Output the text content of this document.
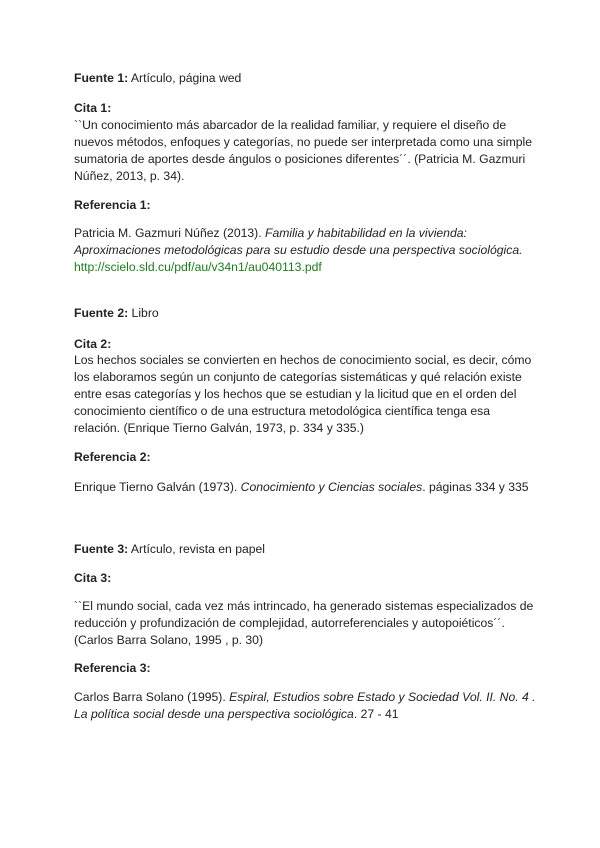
Fuente 1: Artículo, página wed
Cita 1:
``Un conocimiento más abarcador de la realidad familiar, y requiere el diseño de
nuevos métodos, enfoques y categorías, no puede ser interpretada como una simple
sumatoria de aportes desde ángulos o posiciones diferentes´´. (Patricia M. Gazmuri
Núñez, 2013, p. 34).
Referencia 1:
Patricia M. Gazmuri Núñez (2013). Familia y habitabilidad en la vivienda:
Aproximaciones metodológicas para su estudio desde una perspectiva sociológica.
http://scielo.sld.cu/pdf/au/v34n1/au040113.pdf
Fuente 2: Libro
Cita 2:
Los hechos sociales se convierten en hechos de conocimiento social, es decir, cómo
los elaboramos según un conjunto de categorías sistemáticas y qué relación existe
entre esas categorías y los hechos que se estudian y la licitud que en el orden del
conocimiento científico o de una estructura metodológica científica tenga esa
relación. (Enrique Tierno Galván, 1973, p. 334 y 335.)
Referencia 2:
Enrique Tierno Galván (1973). Conocimiento y Ciencias sociales. páginas 334 y 335
Fuente 3: Artículo, revista en papel
Cita 3:
``El mundo social, cada vez más intrincado, ha generado sistemas especializados de
reducción y profundización de complejidad, autorreferenciales y autopoiéticos´´.
(Carlos Barra Solano, 1995 , p. 30)
Referencia 3:
Carlos Barra Solano (1995). Espiral, Estudios sobre Estado y Sociedad Vol. II. No. 4 .
La política social desde una perspectiva sociológica. 27 - 41
